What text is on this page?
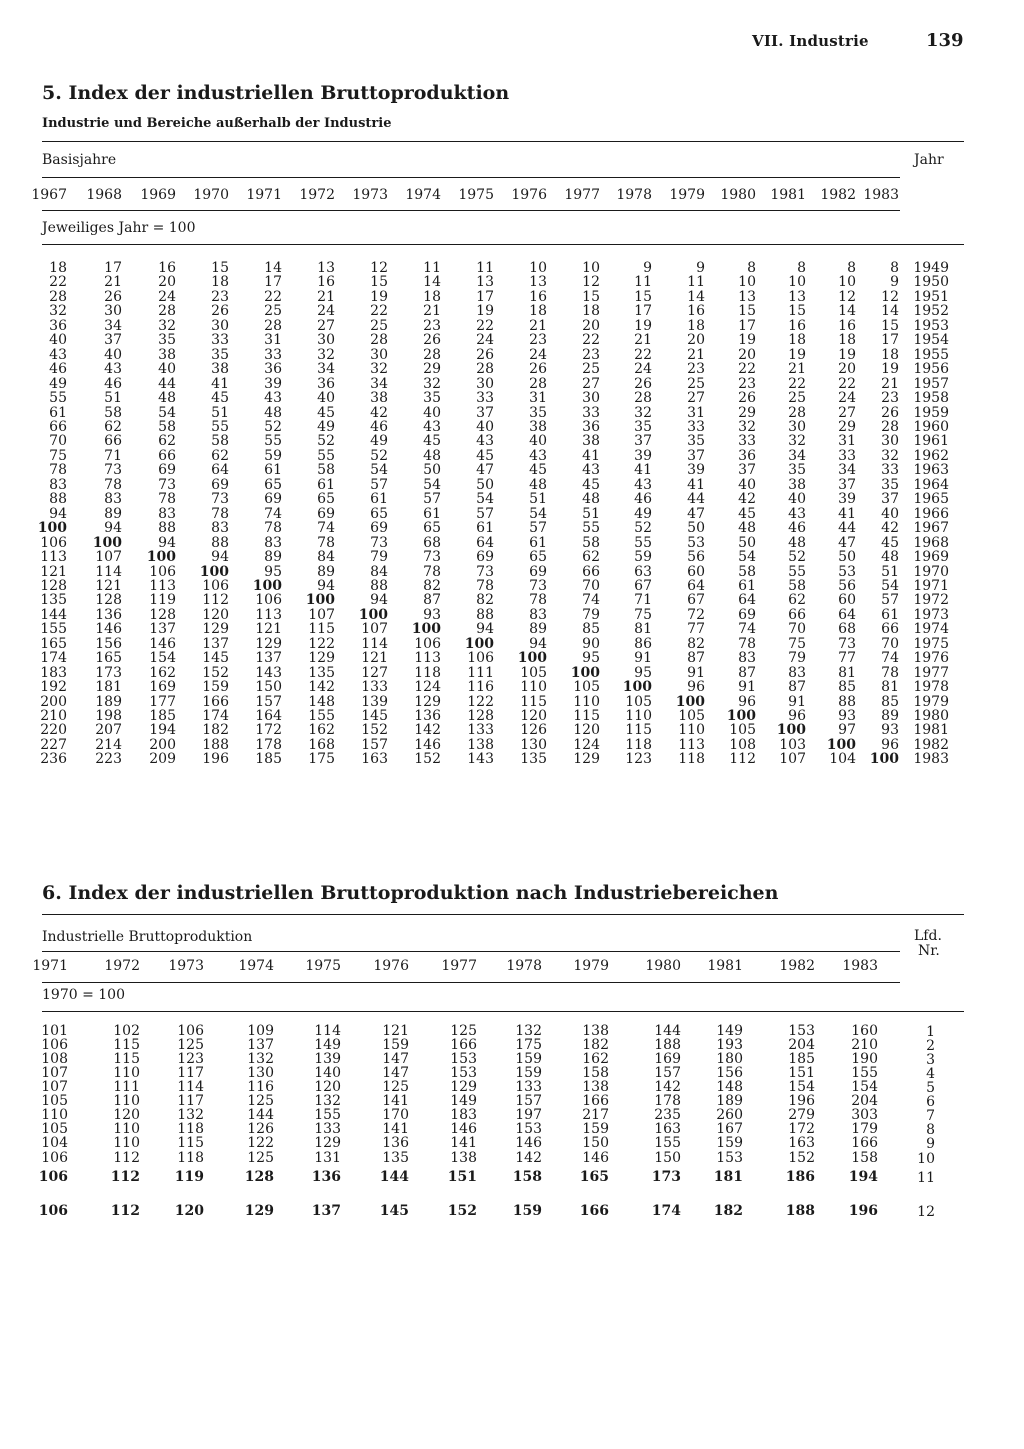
VII. Industrie	139
5. Index der industriellen Bruttoproduktion
Industrie und Bereiche außerhalb der Industrie
Basisjahre	Jahr
1967	1968	1969	1970	1971	1972	1973	1974	1975	1976	1977	1978	1979	1980	1981	1982 1983
Jeweiliges Jahr = 100
18	17	16	15	14	13	12	11	11	10	10	9	9	8	8	8	8	1949
22	21	20	18	17	16	15	14	13	13	12	11	11	10	10	10	9	1950
28	26	24	23	22	21	19	18	17	16	15	15	14	13	13	12	12	1951
32	30	28	26	25	24	22	21	19	18	18	17	16	15	15	14	14	1952
36	34	32	30	28	27	25	23	22	21	20	19	18	17	16	16	15	1953
40	37	35	33	31	30	28	26	24	23	22	21	20	19	18	18	17	1954
43	40	38	35	33	32	30	28	26	24	23	22	21	20	19	19	18	1955
46	43	40	38	36	34	32	29	28	26	25	24	23	22	21	20	19	1956
49	46	44	41	39	36	34	32	30	28	27	26	25	23	22	22	21	1957
55	51	48	45	43	40	38	35	33	31	30	28	27	26	25	24	23	1958
61	58	54	51	48	45	42	40	37	35	33	32	31	29	28	27	26	1959
66	62	58	55	52	49	46	43	40	38	36	35	33	32	30	29	28	1960
70	66	62	58	55	52	49	45	43	40	38	37	35	33	32	31	30	1961
75	71	66	62	59	55	52	48	45	43	41	39	37	36	34	33	32	1962
78	73	69	64	61	58	54	50	47	45	43	41	39	37	35	34	33	1963
83	78	73	69	65	61	57	54	50	48	45	43	41	40	38	37	35	1964
88	83	78	73	69	65	61	57	54	51	48	46	44	42	40	39	37	1965
94	89	83	78	74	69	65	61	57	54	51	49	47	45	43	41	40	1966
100	94	88	83	78	74	69	65	61	57	55	52	50	48	46	44	42	1967
106	100	94	88	83	78	73	68	64	61	58	55	53	50	48	47	45	1968
113	107	100	94	89	84	79	73	69	65	62	59	56	54	52	50	48	1969
121	114	106	100	95	89	84	78	73	69	66	63	60	58	55	53	51	1970
128	121	113	106	100	94	88	82	78	73	70	67	64	61	58	56	54	1971
135	128	119	112	106	100	94	87	82	78	74	71	67	64	62	60	57	1972
144	136	128	120	113	107	100	93	88	83	79	75	72	69	66	64	61	1973
155	146	137	129	121	115	107	100	94	89	85	81	77	74	70	68	66	1974
165	156	146	137	129	122	114	106	100	94	90	86	82	78	75	73	70	1975
174	165	154	145	137	129	121	113	106	100	95	91	87	83	79	77	74	1976
183	173	162	152	143	135	127	118	111	105	100	95	91	87	83	81	78	1977
192	181	169	159	150	142	133	124	116	110	105	100	96	91	87	85	81	1978
200	189	177	166	157	148	139	129	122	115	110	105	100	96	91	88	85	1979
210	198	185	174	164	155	145	136	128	120	115	110	105	100	96	93	89	1980
220	207	194	182	172	162	152	142	133	126	120	115	110	105	100	97	93	1981
227	214	200	188	178	168	157	146	138	130	124	118	113	108	103	100	96	1982
236	223	209	196	185	175	163	152	143	135	129	123	118	112	107	104 100	1983
6. Index der industriellen Bruttoproduktion nach Industriebereichen
Industrielle Bruttoproduktion	Lfd.
Nr.
1971	1972	1973	1974	1975	1976	1977	1978	1979	1980	1981	1982	1983
1970 = 100
101	102	106	109	114	121	125	132	138	144	149	153	160	1
106	115	125	137	149	159	166	175	182	188	193	204	210	2
108	115	123	132	139	147	153	159	162	169	180	185	190	3
107	110	117	130	140	147	153	159	158	157	156	151	155	4
107	111	114	116	120	125	129	133	138	142	148	154	154	5
105	110	117	125	132	141	149	157	166	178	189	196	204	6
110	120	132	144	155	170	183	197	217	235	260	279	303	7
105	110	118	126	133	141	146	153	159	163	167	172	179	8
104	110	115	122	129	136	141	146	150	155	159	163	166	9
106	112	118	125	131	135	138	142	146	150	153	152	158	10
106	112	119	128	136	144	151	158	165	173	181	186	194	11
106	112	120	129	137	145	152	159	166	174	182	188	196	12
